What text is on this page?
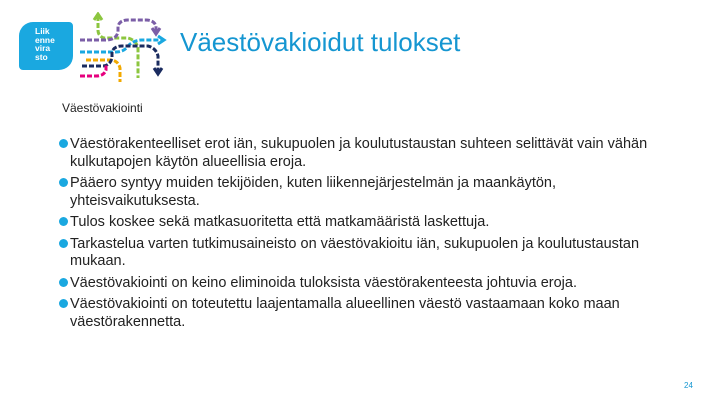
Liik
enne
vira
sto	Väestövakioidut tulokset
Väestövakiointi
Väestörakenteelliset erot iän, sukupuolen ja koulutustaustan suhteen selittävät vain vähän kulkutapojen käytön alueellisia eroja.
Pääero syntyy muiden tekijöiden, kuten liikennejärjestelmän ja maankäytön, yhteisvaikutuksesta.
Tulos koskee sekä matkasuoritetta että matkamääristä laskettuja.
Tarkastelua varten tutkimusaineisto on väestövakioitu iän, sukupuolen ja koulutustaustan mukaan.
Väestövakiointi on keino eliminoida tuloksista väestörakenteesta johtuvia eroja.
Väestövakiointi on toteutettu laajentamalla alueellinen väestö vastaamaan koko maan väestörakennetta.
24
